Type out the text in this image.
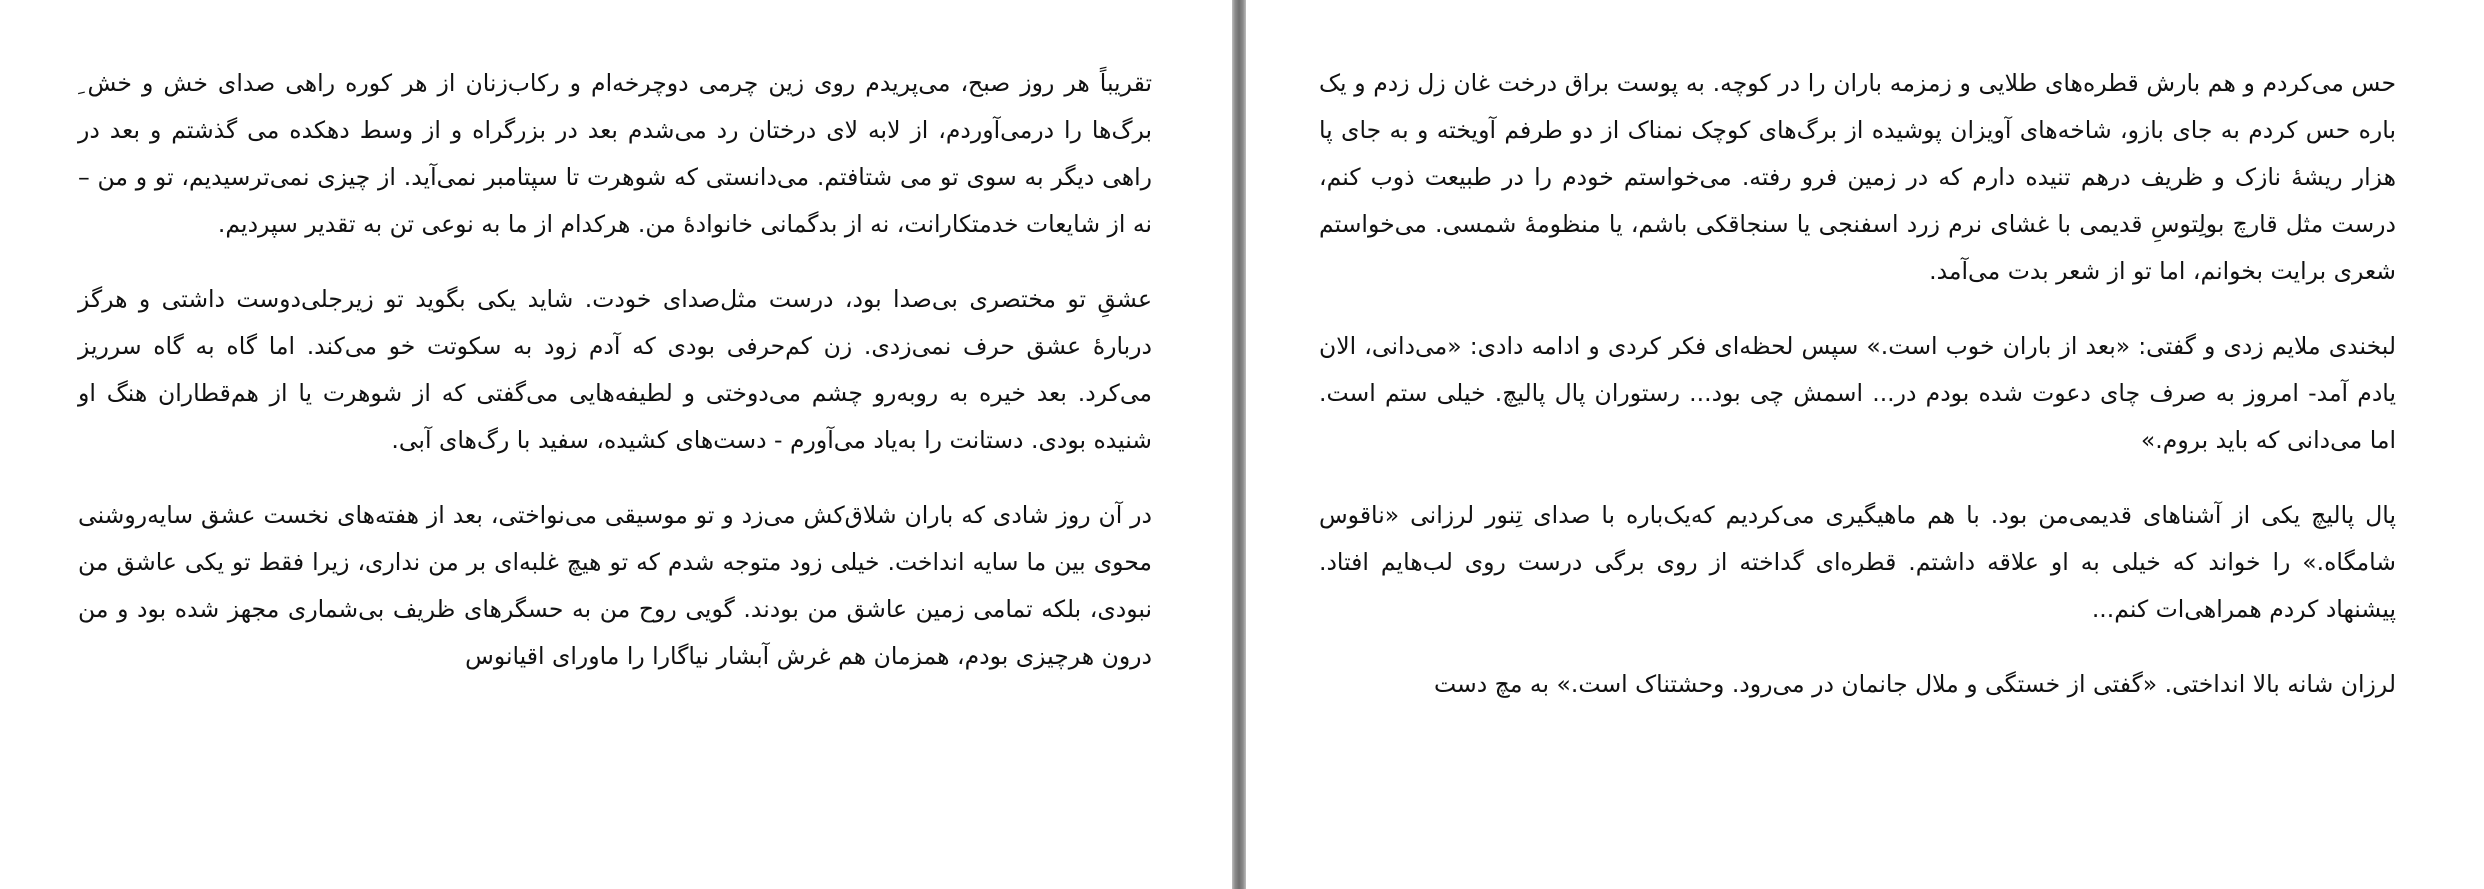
تقریباً هر روز صبح، می‌پریدم روی زین چرمی دوچرخه‌ام و رکاب‌زنان از هر کوره راهی صدای خش و خش ِ برگ‌ها را درمی‌آوردم، از لابه لای درختان رد می‌شدم بعد در بزرگراه و از وسط دهکده می گذشتم و بعد در راهی دیگر به سوی تو می شتافتم. می‌دانستی که شوهرت تا سپتامبر نمی‌آید. از چیزی نمی‌ترسیدیم، تو و من – نه از شایعات خدمتکارانت، نه از بدگمانی خانوادهٔ من. هرکدام از ما به نوعی تن به تقدیر سپردیم.

عشقِ تو مختصری بی‌صدا بود، درست مثل‌صدای خودت. شاید یکی بگوید تو زیرجلی‌دوست داشتی و هرگز دربارهٔ عشق حرف نمی‌زدی. زن کم‌حرفی بودی که آدم زود به سکوتت خو می‌کند. اما گاه به گاه سرریز می‌کرد. بعد خیره به روبه‌رو چشم می‌دوختی و لطیفه‌هایی می‌گفتی که از شوهرت یا از هم‌قطاران هنگ او شنیده بودی. دستانت را به‌یاد می‌آورم - دست‌های کشیده، سفید با رگ‌های آبی.

در آن روز شادی که باران شلاق‌کش می‌زد و تو موسیقی می‌نواختی، بعد از هفته‌های نخست عشق سایه‌روشنی محوی بین ما سایه انداخت. خیلی زود متوجه شدم که تو هیچ غلبه‌ای بر من نداری، زیرا فقط تو یکی عاشق من نبودی، بلکه تمامی زمین عاشق من بودند. گویی روح من به حسگرهای ظریف بی‌شماری مجهز شده بود و من درون هرچیزی بودم، همزمان هم غرش آبشار نیاگارا را ماورای اقیانوس

حس می‌کردم و هم بارش قطره‌های طلایی و زمزمه باران را در کوچه. به پوست براق درخت غان زل زدم و یک باره حس کردم به جای بازو، شاخه‌های آویزان پوشیده از برگ‌های کوچک نمناک از دو طرفم آویخته و به جای پا هزار ریشهٔ نازک و ظریف درهم تنیده دارم که در زمین فرو رفته. می‌خواستم خودم را در طبیعت ذوب کنم، درست مثل قارچ بولِتوسِ قدیمی با غشای نرم زرد اسفنجی یا سنجاقکی باشم، یا منظومهٔ شمسی. می‌خواستم شعری برایت بخوانم، اما تو از شعر بدت می‌آمد.

لبخندی ملایم زدی و گفتی: «بعد از باران خوب است.» سپس لحظه‌ای فکر کردی و ادامه دادی: «می‌دانی، الان یادم آمد- امروز به صرف چای دعوت شده بودم در... اسمش چی بود... رستوران پال پالیچ. خیلی ستم است. اما می‌دانی که باید بروم.»

پال پالیچ یکی از آشناهای قدیمی‌من بود. با هم ماهیگیری می‌کردیم که‌یک‌باره با صدای تِنور لرزانی «ناقوس شامگاه.» را خواند که خیلی به او علاقه داشتم. قطره‌ای گداخته از روی برگی درست روی لب‌هایم افتاد. پیشنهاد کردم همراهی‌ات کنم...

لرزان شانه بالا انداختی. «گفتی از خستگی و ملال جانمان در می‌رود. وحشتناک است.» به مچ دست
